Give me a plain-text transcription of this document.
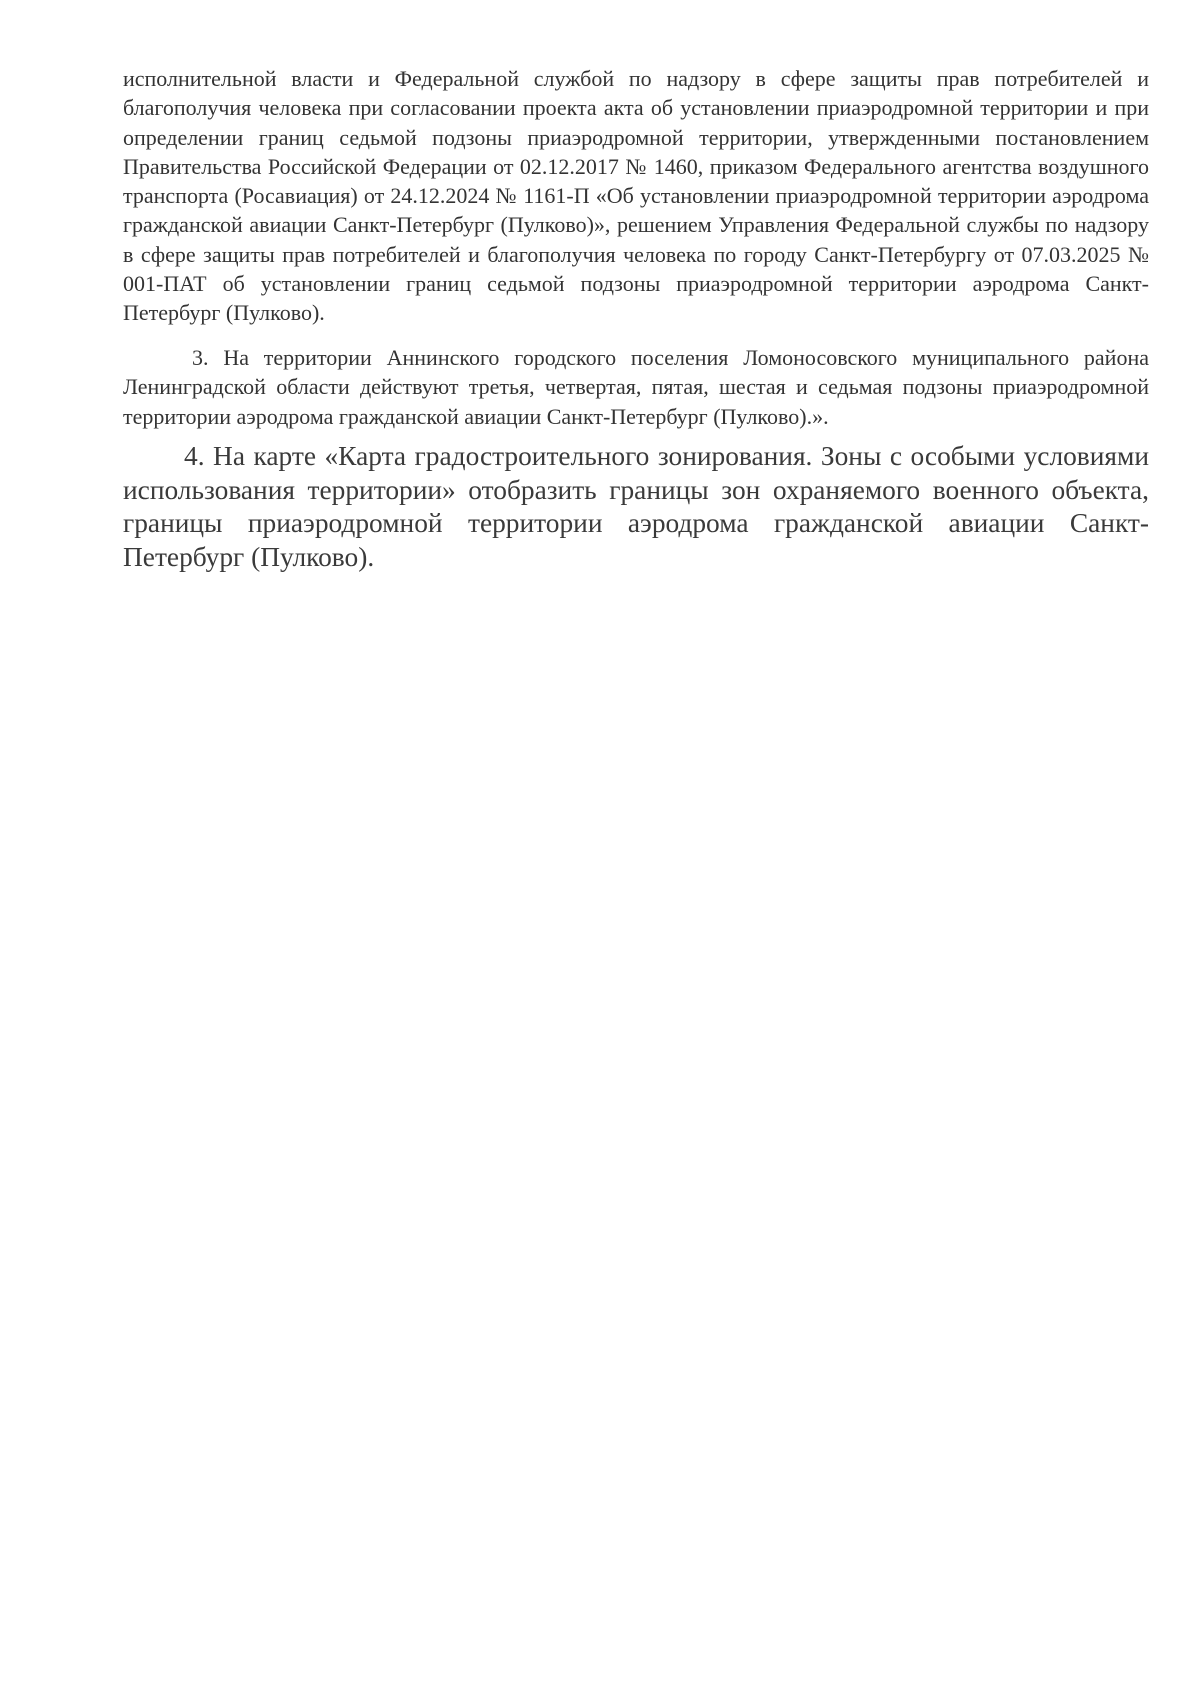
исполнительной власти и Федеральной службой по надзору в сфере защиты прав потребителей и благополучия человека при согласовании проекта акта об установлении приаэродромной территории и при определении границ седьмой подзоны приаэродромной территории, утвержденными постановлением Правительства Российской Федерации от 02.12.2017 № 1460, приказом Федерального агентства воздушного транспорта (Росавиация) от 24.12.2024 № 1161-П «Об установлении приаэродромной территории аэродрома гражданской авиации Санкт-Петербург (Пулково)», решением Управления Федеральной службы по надзору в сфере защиты прав потребителей и благополучия человека по городу Санкт-Петербургу от 07.03.2025 № 001-ПАТ об установлении границ седьмой подзоны приаэродромной территории аэродрома Санкт-Петербург (Пулково).

3. На территории Аннинского городского поселения Ломоносовского муниципального района Ленинградской области действуют третья, четвертая, пятая, шестая и седьмая подзоны приаэродромной территории аэродрома гражданской авиации Санкт-Петербург (Пулково).».

4. На карте «Карта градостроительного зонирования. Зоны с особыми условиями использования территории» отобразить границы зон охраняемого военного объекта, границы приаэродромной территории аэродрома гражданской авиации Санкт-Петербург (Пулково).
